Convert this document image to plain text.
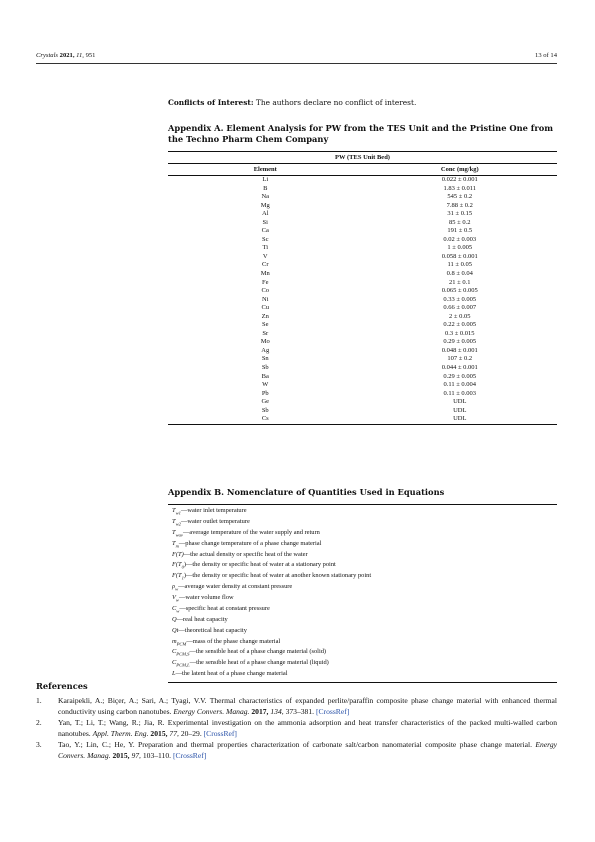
Crystals 2021, 11, 951	13 of 14
Conflicts of Interest: The authors declare no conflict of interest.
Appendix A. Element Analysis for PW from the TES Unit and the Pristine One from the Techno Pharm Chem Company
PW (TES Unit Bed)	
Element	Conc (mg/kg)
Li	0.022 ± 0.001
B	1.83 ± 0.011
Na	545 ± 0.2
Mg	7.88 ± 0.2
Al	31 ± 0.15
Si	85 ± 0.2
Ca	191 ± 0.5
Sc	0.02 ± 0.003
Ti	1 ± 0.005
V	0.058 ± 0.001
Cr	11 ± 0.05
Mn	0.8 ± 0.04
Fe	21 ± 0.1
Co	0.065 ± 0.005
Ni	0.33 ± 0.005
Cu	0.66 ± 0.007
Zn	2 ± 0.05
Se	0.22 ± 0.005
Sr	0.3 ± 0.015
Mo	0.29 ± 0.005
Ag	0.048 ± 0.001
Sn	107 ± 0.2
Sb	0.044 ± 0.001
Ba	0.29 ± 0.005
W	0.11 ± 0.004
Pb	0.11 ± 0.003
Ge	UDL
Sb	UDL
Cs	UDL
Appendix B. Nomenclature of Quantities Used in Equations
$T_{w1}—water$ inlet temperature
$T_{w2}—water$ outlet temperature
$T_{wav}—average$ temperature of the water supply and return
$T_m—phase$ change temperature of a phase change material
F(T)—the actual density or specific heat of the water
$F(T_0)—the$ density or specific heat of water at a stationary point
$F(T_1)—the$ density or specific heat of water at another known stationary point
$\rho_w—average$ water density at constant pressure
$V_w—water$ volume flow
$C_w—specific$ heat at constant pressure
Q—real heat capacity
Qt—theoretical heat capacity
$m_{PCM}—mass$ of the phase change material
$C_{PCM,S}—the$ sensible heat of a phase change material (solid)
$C_{PCM,L}—the$ sensible heat of a phase change material (liquid)
L—the latent heat of a phase change material
References
1.	Karaipekli, A.; Biçer, A.; Sari, A.; Tyagi, V.V. Thermal characteristics of expanded perlite/paraffin composite phase change material with enhanced thermal conductivity using carbon nanotubes. Energy Convers. Manag. 2017, 134, 373–381. [CrossRef]
2.	Yan, T.; Li, T.; Wang, R.; Jia, R. Experimental investigation on the ammonia adsorption and heat transfer characteristics of the packed multi-walled carbon nanotubes. Appl. Therm. Eng. 2015, 77, 20–29. [CrossRef]
3.	Tao, Y.; Lin, C.; He, Y. Preparation and thermal properties characterization of carbonate salt/carbon nanomaterial composite phase change material. Energy Convers. Manag. 2015, 97, 103–110. [CrossRef]
